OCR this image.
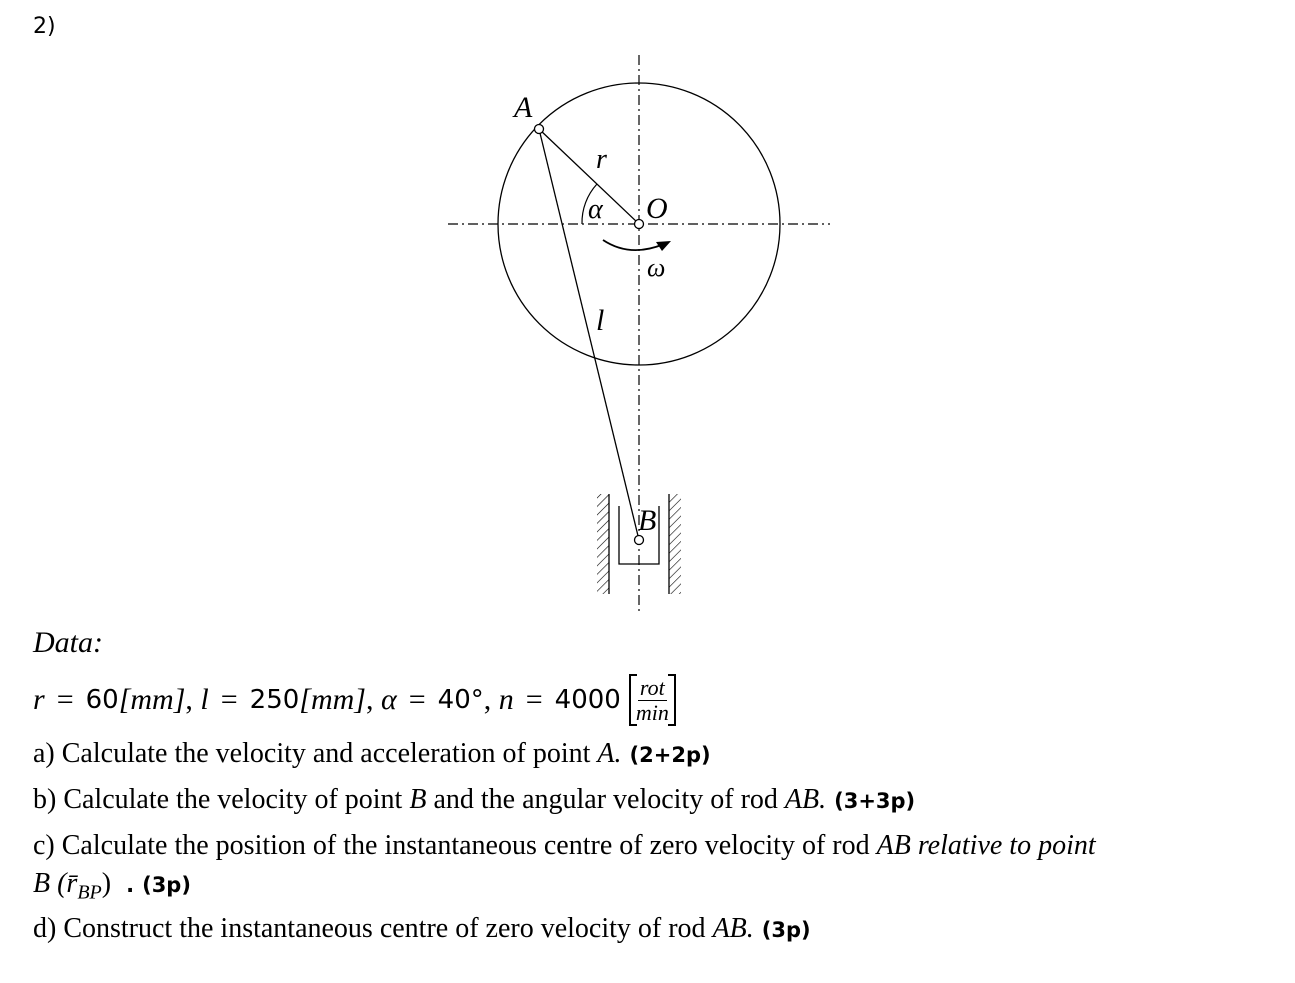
2)
A
r
α O
ω
l
B
Data:
r = 60 [mm] , l = 250 [mm] , α = 40° , $n = 4000 \frac{\text{rot}}{\min}$
a) Calculate the velocity and acceleration of point A. (2+2p)
b) Calculate the velocity of point B and the angular velocity of rod AB. (3+3p)
c) Calculate the position of the instantaneous centre of zero velocity of rod AB relative to point
B $(r̄_{BP})$ . (3p)
d) Construct the instantaneous centre of zero velocity of rod AB. (3p)
